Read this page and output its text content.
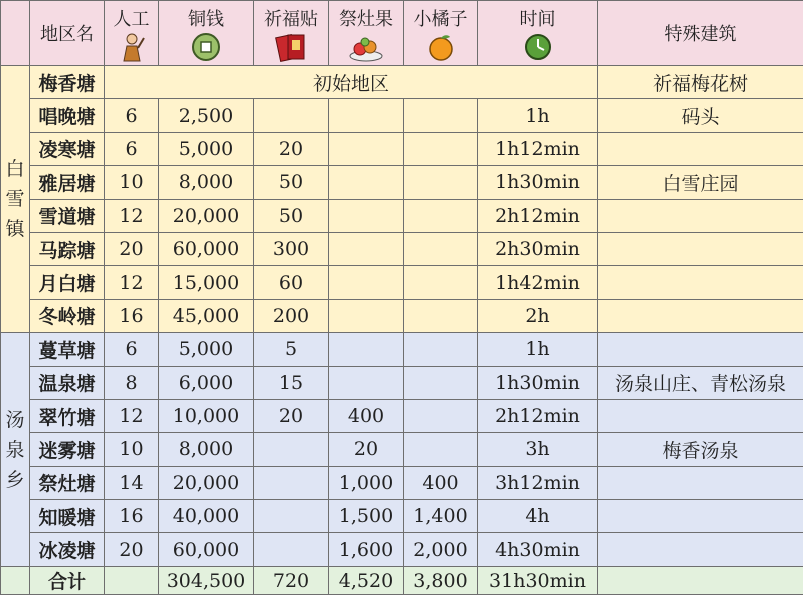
	地区名	人工	铜钱	祈福贴	祭灶果	小橘子	时间	特殊建筑

白
雪
镇	梅香塘	初始地区						祈福梅花树
	唱晚塘	6	2,500				1h	码头
	凌寒塘	6	5,000	20			1h12min	
	雅居塘	10	8,000	50			1h30min	白雪庄园
	雪道塘	12	20,000	50			2h12min	
	马踪塘	20	60,000	300			2h30min	
	月白塘	12	15,000	60			1h42min	
	冬岭塘	16	45,000	200			2h	

汤
泉
乡	蔓草塘	6	5,000	5			1h	
	温泉塘	8	6,000	15			1h30min	汤泉山庄、青松汤泉
	翠竹塘	12	10,000	20	400		2h12min	
	迷雾塘	10	8,000		20		3h	梅香汤泉
	祭灶塘	14	20,000		1,000	400	3h12min	
	知暖塘	16	40,000		1,500	1,400	4h	
	冰凌塘	20	60,000		1,600	2,000	4h30min	
	合计		304,500	720	4,520	3,800	31h30min	
